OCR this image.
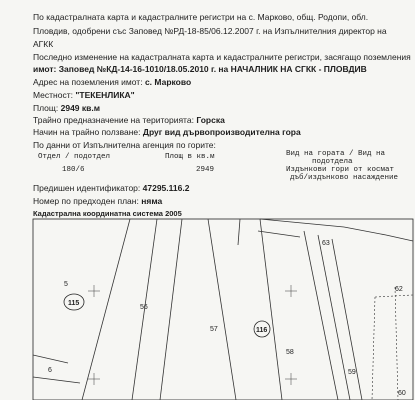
По кадастралната карта и кадастралните регистри на с. Марково, общ. Родопи, обл.
Пловдив, одобрени със Заповед №РД-18-85/06.12.2007 г. на Изпълнителния директор на
АГКК
Последно изменение на кадастралната карта и кадастралните регистри, засягащо поземления
имот: Заповед №КД-14-16-1010/18.05.2010 г. на НАЧАЛНИК НА СГКК - ПЛОВДИВ
Адрес на поземления имот: с. Марково
Местност: "ТЕКЕНЛИКА"
Площ: 2949 кв.м
Трайно предназначение на територията: Горска
Начин на трайно ползване: Друг вид дървопроизводителна гора
По данни от Изпълнителна агенция по горите:
Отдел / подотдел	Площ в кв.м	Вид на гората / Вид на
подотдела
180/6	2949	Издънкови гори от космат
дъб/издънково насаждение
Предишен идентификатор: 47295.116.2
Номер по предходен план: няма
Кадастрална координатна система 2005
5
115
56
57	116
58
59
63
6
60
62
